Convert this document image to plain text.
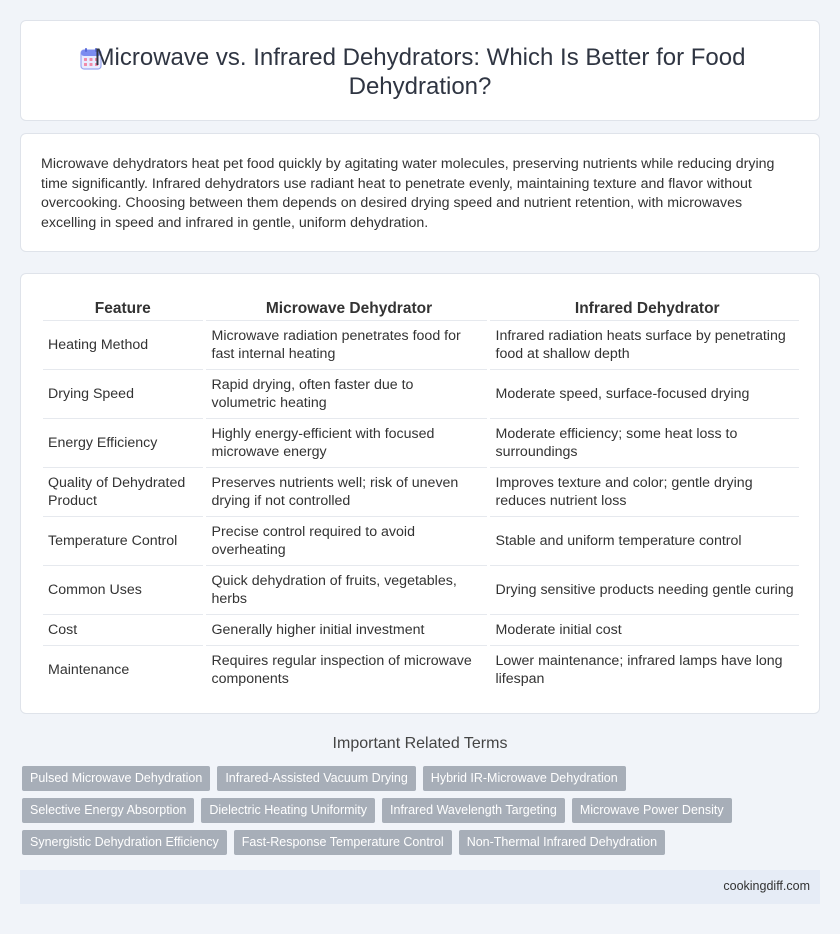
Microwave vs. Infrared Dehydrators: Which Is Better for Food Dehydration?

Microwave dehydrators heat pet food quickly by agitating water molecules, preserving nutrients while reducing drying time significantly. Infrared dehydrators use radiant heat to penetrate evenly, maintaining texture and flavor without overcooking. Choosing between them depends on desired drying speed and nutrient retention, with microwaves excelling in speed and infrared in gentle, uniform dehydration.

Feature	Microwave Dehydrator	Infrared Dehydrator
Heating Method	Microwave radiation penetrates food for fast internal heating	Infrared radiation heats surface by penetrating food at shallow depth
Drying Speed	Rapid drying, often faster due to volumetric heating	Moderate speed, surface-focused drying
Energy Efficiency	Highly energy-efficient with focused microwave energy	Moderate efficiency; some heat loss to surroundings
Quality of Dehydrated Product	Preserves nutrients well; risk of uneven drying if not controlled	Improves texture and color; gentle drying reduces nutrient loss
Temperature Control	Precise control required to avoid overheating	Stable and uniform temperature control
Common Uses	Quick dehydration of fruits, vegetables, herbs	Drying sensitive products needing gentle curing
Cost	Generally higher initial investment	Moderate initial cost
Maintenance	Requires regular inspection of microwave components	Lower maintenance; infrared lamps have long lifespan
Important Related Terms
Pulsed Microwave Dehydration	Infrared-Assisted Vacuum Drying	Hybrid IR-Microwave Dehydration
Selective Energy Absorption	Dielectric Heating Uniformity	Infrared Wavelength Targeting	Microwave Power Density
Synergistic Dehydration Efficiency	Fast-Response Temperature Control	Non-Thermal Infrared Dehydration
cookingdiff.com
